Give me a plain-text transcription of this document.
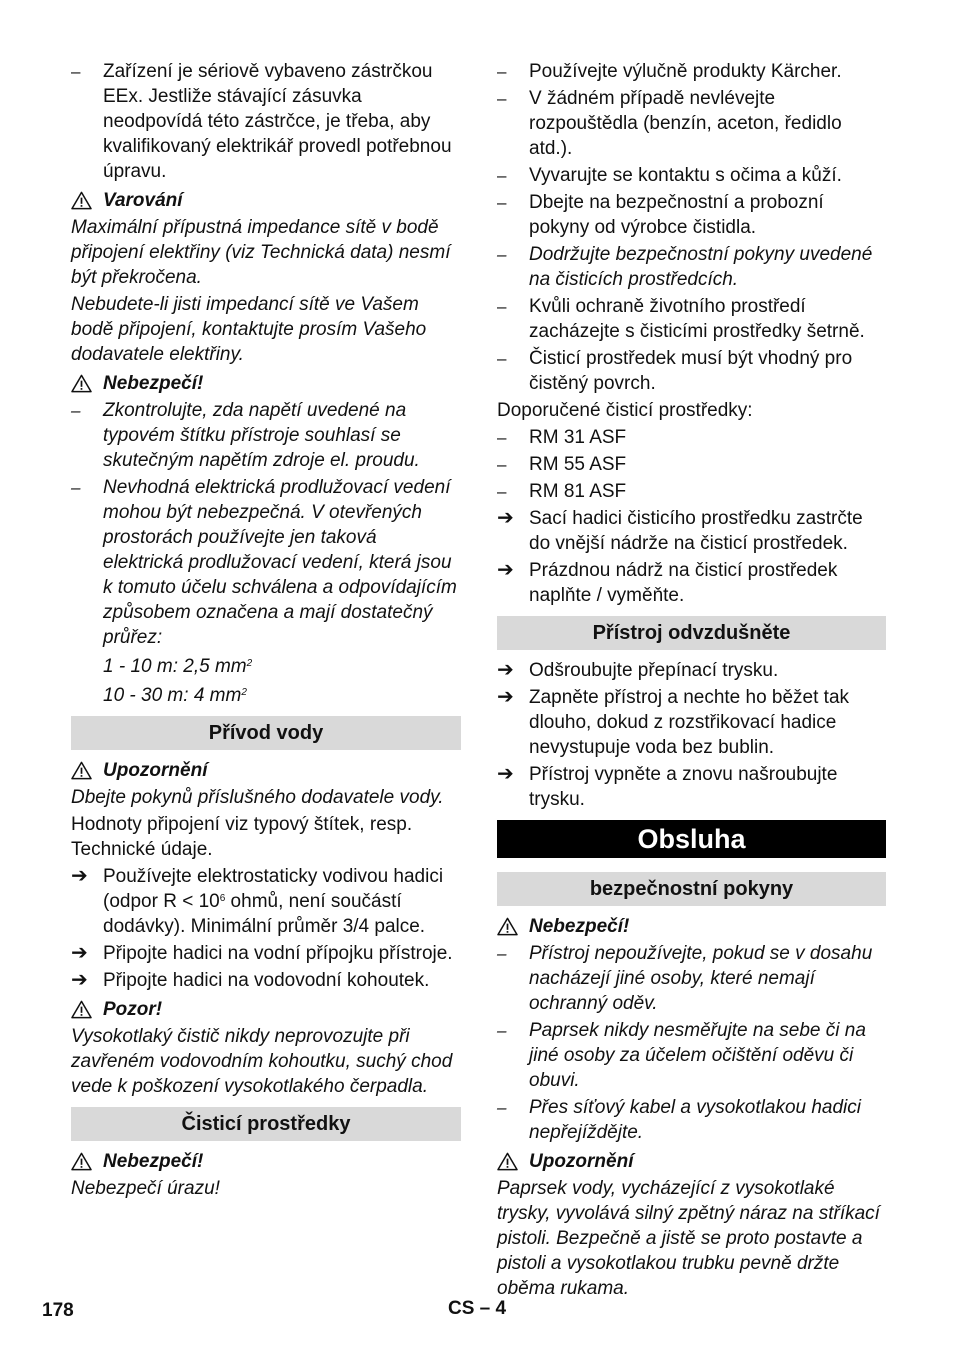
–	Zařízení je sériově vybaveno zástrčkou EEx. Jestliže stávající zásuvka neodpovídá této zástrčce, je třeba, aby kvalifikovaný elektrikář provedl potřebnou úpravu.
Varování

Maximální přípustná impedance sítě v bodě připojení elektřiny (viz Technická data) nesmí být překročena.

Nebudete-li jisti impedancí sítě ve Vašem bodě připojení, kontaktujte prosím Vašeho dodavatele elektřiny.

Nebezpečí!
–	Zkontrolujte, zda napětí uvedené na typovém štítku přístroje souhlasí se skutečným napětím zdroje el. proudu.
–	Nevhodná elektrická prodlužovací vedení mohou být nebezpečná. V otevřených prostorách používejte jen taková elektrická prodlužovací vedení, která jsou k tomuto účelu schválena a odpovídajícím způsobem označena a mají dostatečný průřez:
1 - 10 m: 2,5 $mm^2$
10 - 30 m: 4 $mm^2$
Přívod vody
Upozornění

Dbejte pokynů příslušného dodavatele vody.

Hodnoty připojení viz typový štítek, resp. Technické údaje.

➔ Používejte elektrostaticky vodivou hadici (odpor $R < 10^6$ ohmů, není součástí dodávky). Minimální průměr 3/4 palce.
➔ Připojte hadici na vodní přípojku přístroje.
➔ Připojte hadici na vodovodní kohoutek.
Pozor!

Vysokotlaký čistič nikdy neprovozujte při zavřeném vodovodním kohoutku, suchý chod vede k poškození vysokotlakého čerpadla.

Čisticí prostředky
Nebezpečí!

Nebezpečí úrazu!

–	Používejte výlučně produkty Kärcher.
–	V žádném případě nevlévejte rozpouštědla (benzín, aceton, ředidlo atd.).
–	Vyvarujte se kontaktu s očima a kůží.
–	Dbejte na bezpečnostní a probozní pokyny od výrobce čistidla.
–	Dodržujte bezpečnostní pokyny uvedené na čisticích prostředcích.
–	Kvůli ochraně životního prostředí zacházejte s čisticími prostředky šetrně.
–	Čisticí prostředek musí být vhodný pro čistěný povrch.

Doporučené čisticí prostředky:

–	RM 31 ASF
–	RM 55 ASF
–	RM 81 ASF
➔ Sací hadici čisticího prostředku zastrčte do vnější nádrže na čisticí prostředek.
➔ Prázdnou nádrž na čisticí prostředek naplňte / vyměňte.
Přístroj odvzdušněte
➔ Odšroubujte přepínací trysku.
➔ Zapněte přístroj a nechte ho běžet tak dlouho, dokud z rozstřikovací hadice nevystupuje voda bez bublin.
➔ Přístroj vypněte a znovu našroubujte trysku.
Obsluha
bezpečnostní pokyny
Nebezpečí!
–	Přístroj nepoužívejte, pokud se v dosahu nacházejí jiné osoby, které nemají ochranný oděv.
–	Paprsek nikdy nesměřujte na sebe či na jiné osoby za účelem očištění oděvu či obuvi.
–	Přes síťový kabel a vysokotlakou hadici nepřejíždějte.
Upozornění

Paprsek vody, vycházející z vysokotlaké trysky, vyvolává silný zpětný náraz na stříkací pistoli. Bezpečně a jistě se proto postavte a pistoli a vysokotlakou trubku pevně držte oběma rukama.

178	CS – 4
